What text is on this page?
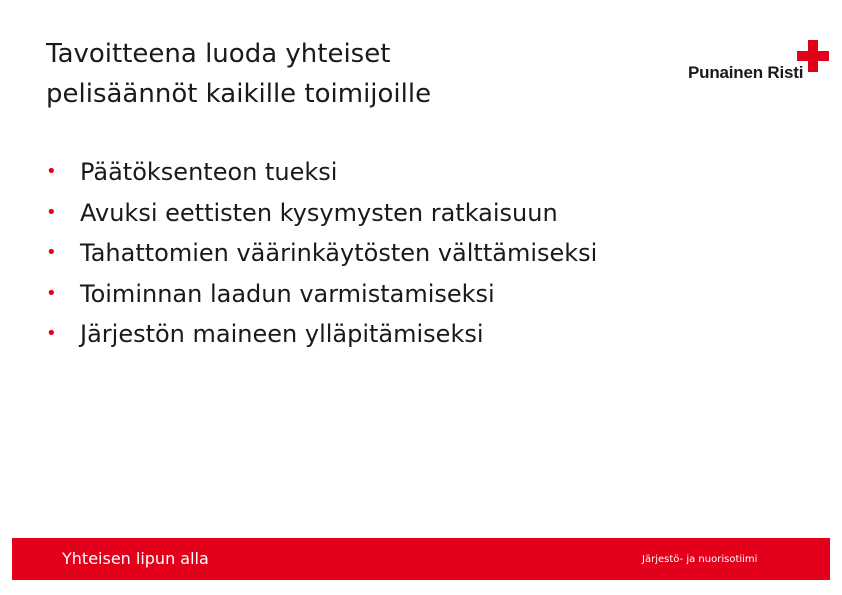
Tavoitteena luoda yhteiset
pelisäännöt kaikille toimijoille
Punainen Risti
• Päätöksenteon tueksi
• Avuksi eettisten kysymysten ratkaisuun
• Tahattomien väärinkäytösten välttämiseksi
• Toiminnan laadun varmistamiseksi
• Järjestön maineen ylläpitämiseksi
Yhteisen lipun alla	Järjestö- ja nuorisotiimi
